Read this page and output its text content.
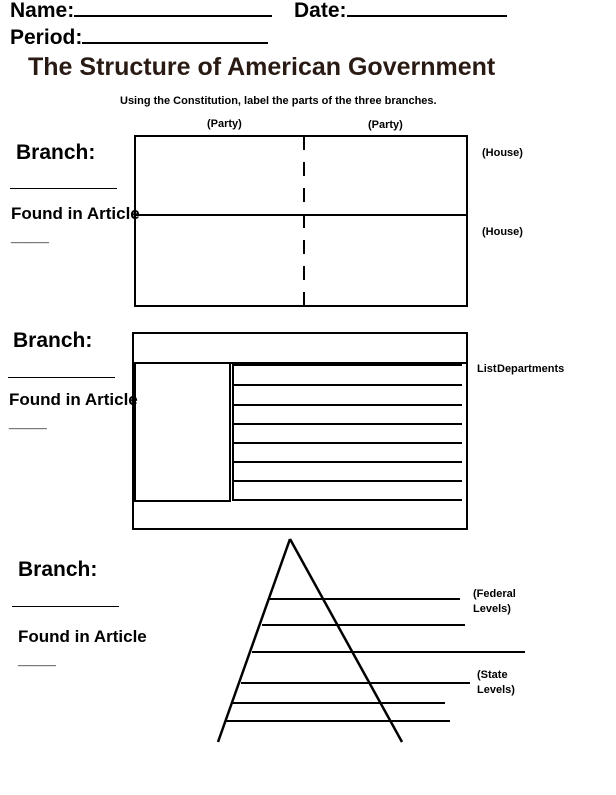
Name:	Date:
Period:
The Structure of American Government
Using the Constitution, label the parts of the three branches.
(Party)	(Party)
(House)
(House)
Branch:
Found in Article ____
Branch:
Found in Article ____
List Departments
Branch:
Found in Article ____
(Federal Levels)
(State Levels)
